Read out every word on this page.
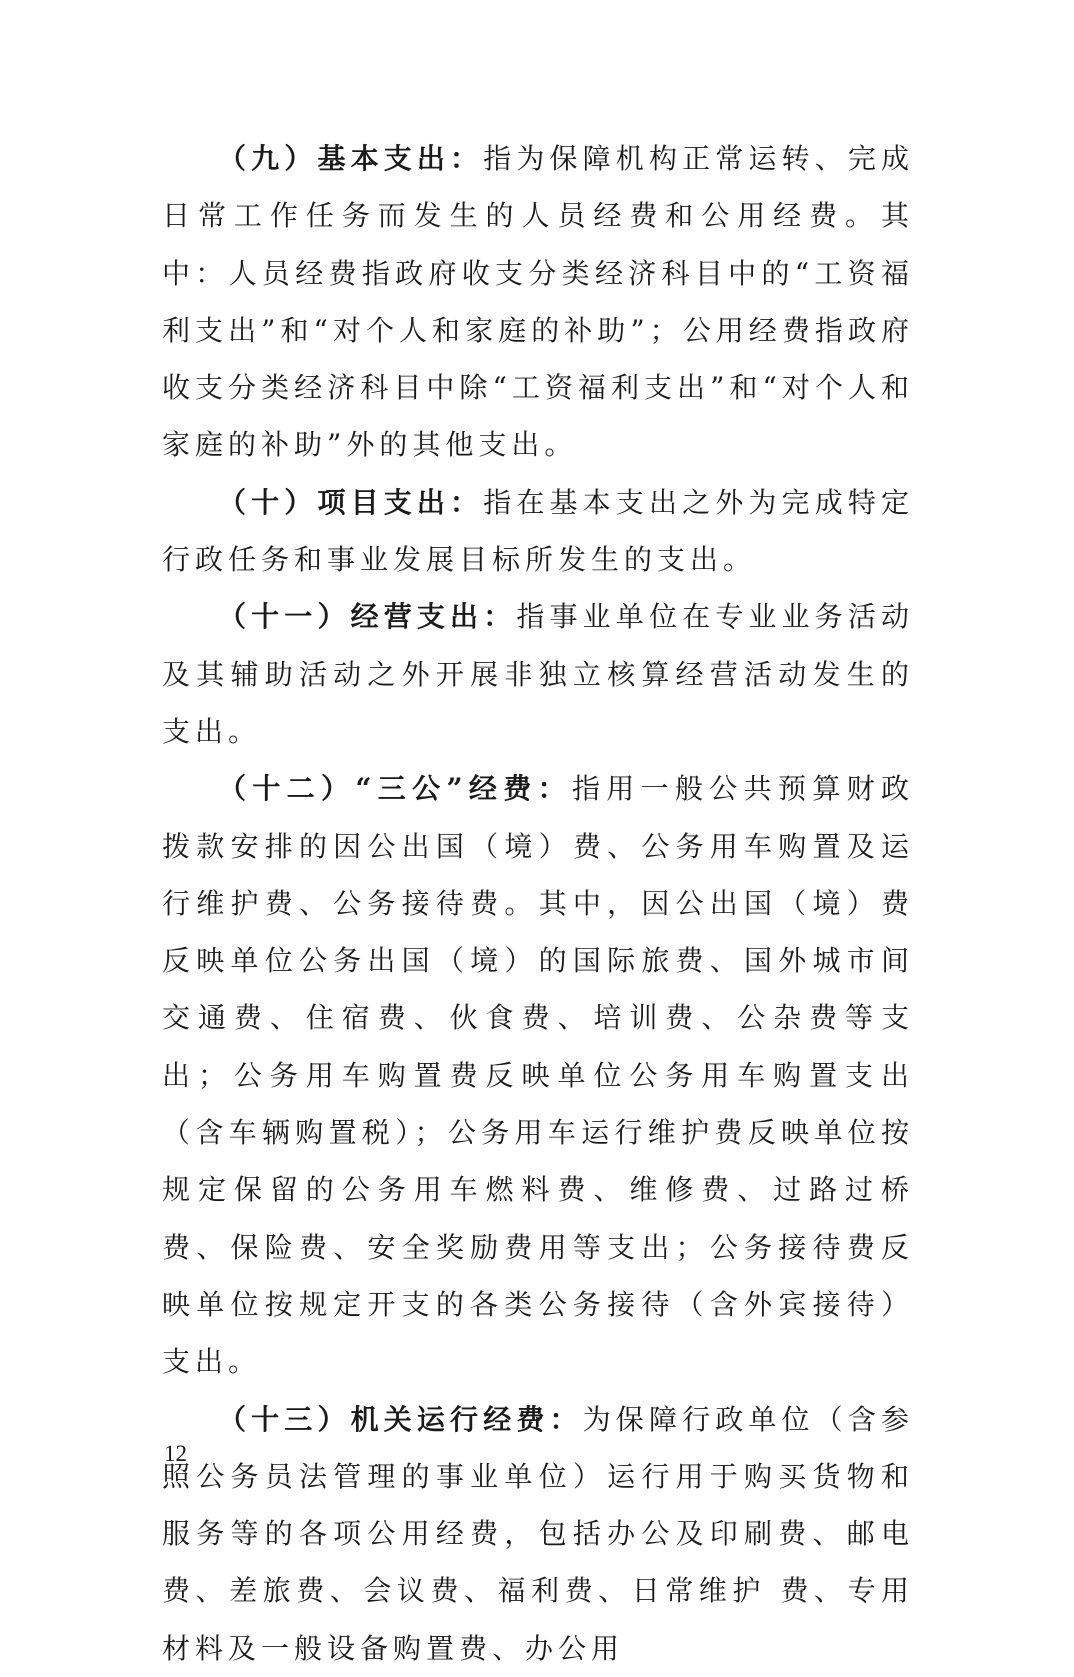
（九）基本支出：指为保障机构正常运转、完成日常工作任务而发生的人员经费和公用经费。其中：人员经费指政府收支分类经济科目中的“工资福利支出”和“对个人和家庭的补助”；公用经费指政府收支分类经济科目中除“工资福利支出”和“对个人和家庭的补助”外的其他支出。

（十）项目支出：指在基本支出之外为完成特定行政任务和事业发展目标所发生的支出。

（十一）经营支出：指事业单位在专业业务活动及其辅助活动之外开展非独立核算经营活动发生的支出。

（十二）“三公”经费：指用一般公共预算财政拨款安排的因公出国（境）费、公务用车购置及运行维护费、公务接待费。其中，因公出国（境）费反映单位公务出国（境）的国际旅费、国外城市间交通费、住宿费、伙食费、培训费、公杂费等支出；公务用车购置费反映单位公务用车购置支出（含车辆购置税）；公务用车运行维护费反映单位按规定保留的公务用车燃料费、维修费、过路过桥费、保险费、安全奖励费用等支出；公务接待费反映单位按规定开支的各类公务接待（含外宾接待）支出。

（十三）机关运行经费：为保障行政单位（含参照公务员法管理的事业单位）运行用于购买货物和服务等的各项公用经费，包括办公及印刷费、邮电费、差旅费、会议费、福利费、日常维护 费、专用材料及一般设备购置费、办公用

12
